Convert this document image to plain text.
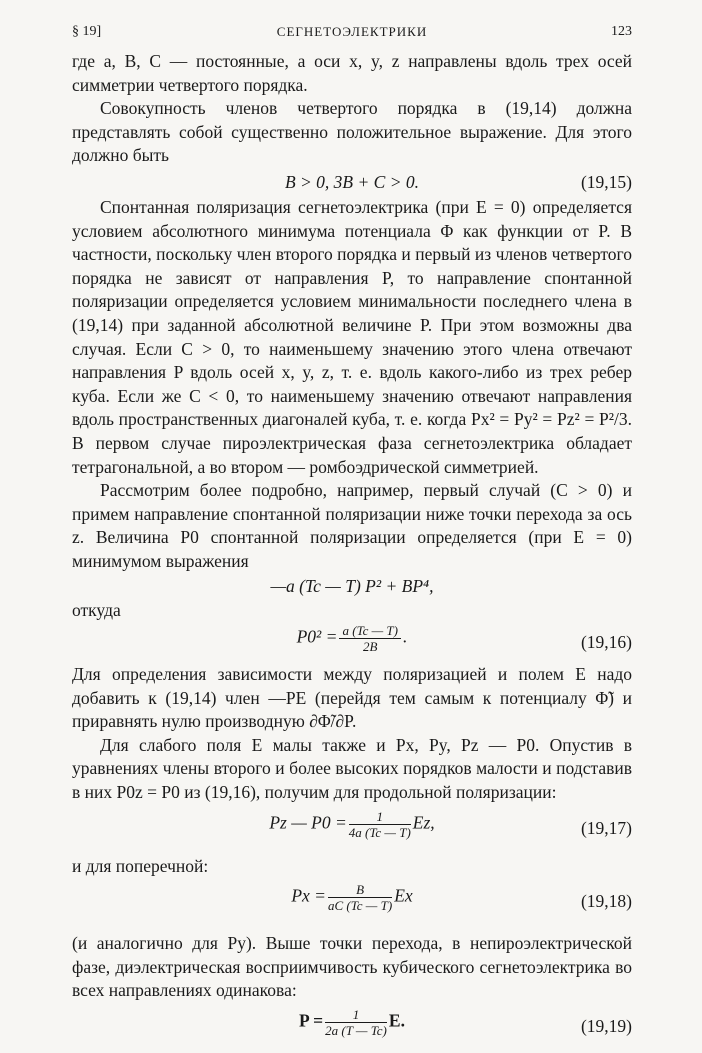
§ 19]	СЕГНЕТОЭЛЕКТРИКИ	123

где a, B, C — постоянные, а оси x, y, z направлены вдоль трех осей симметрии четвертого порядка.

Совокупность членов четвертого порядка в (19,14) должна представлять собой существенно положительное выражение. Для этого должно быть

B > 0, 3B + C > 0.	(19,15)

Спонтанная поляризация сегнетоэлектрика (при E = 0) определяется условием абсолютного минимума потенциала Φ как функции от P. В частности, поскольку член второго порядка и первый из членов четвертого порядка не зависят от направления P, то направление спонтанной поляризации определяется условием минимальности последнего члена в (19,14) при заданной абсолютной величине P. При этом возможны два случая. Если C > 0, то наименьшему значению этого члена отвечают направления P вдоль осей x, y, z, т. е. вдоль какого-либо из трех ребер куба. Если же C < 0, то наименьшему значению отвечают направления вдоль пространственных диагоналей куба, т. е. когда Px² = Py² = Pz² = P²/3. В первом случае пироэлектрическая фаза сегнетоэлектрика обладает тетрагональной, а во втором — ромбоэдрической симметрией.

Рассмотрим более подробно, например, первый случай (C > 0) и примем направление спонтанной поляризации ниже точки перехода за ось z. Величина P0 спонтанной поляризации определяется (при E = 0) минимумом выражения

—a (Tc — T) P² + BP⁴,

откуда

$P0^2 = \frac{a (Tc — T)}{2B}$ .	(19,16)

Для определения зависимости между поляризацией и полем E надо добавить к (19,14) член —PE (перейдя тем самым к потенциалу Φ̃) и приравнять нулю производную ∂Φ̃/∂P.

Для слабого поля E малы также и Px, Py, Pz — P0. Опустив в уравнениях члены второго и более высоких порядков малости и подставив в них P0z = P0 из (19,16), получим для продольной поляризации:

Pz — $P0 = \frac{1}{4a (Tc — T)} Ez$,	(19,17)

и для поперечной:

$Px = \frac{B}{aC (Tc — T)}$ Ex	(19,18)

(и аналогично для Py). Выше точки перехода, в непироэлектрической фазе, диэлектрическая восприимчивость кубического сегнетоэлектрика во всех направлениях одинакова:

$P = \frac{1}{2a (T — Tc)} E$.	(19,19)
